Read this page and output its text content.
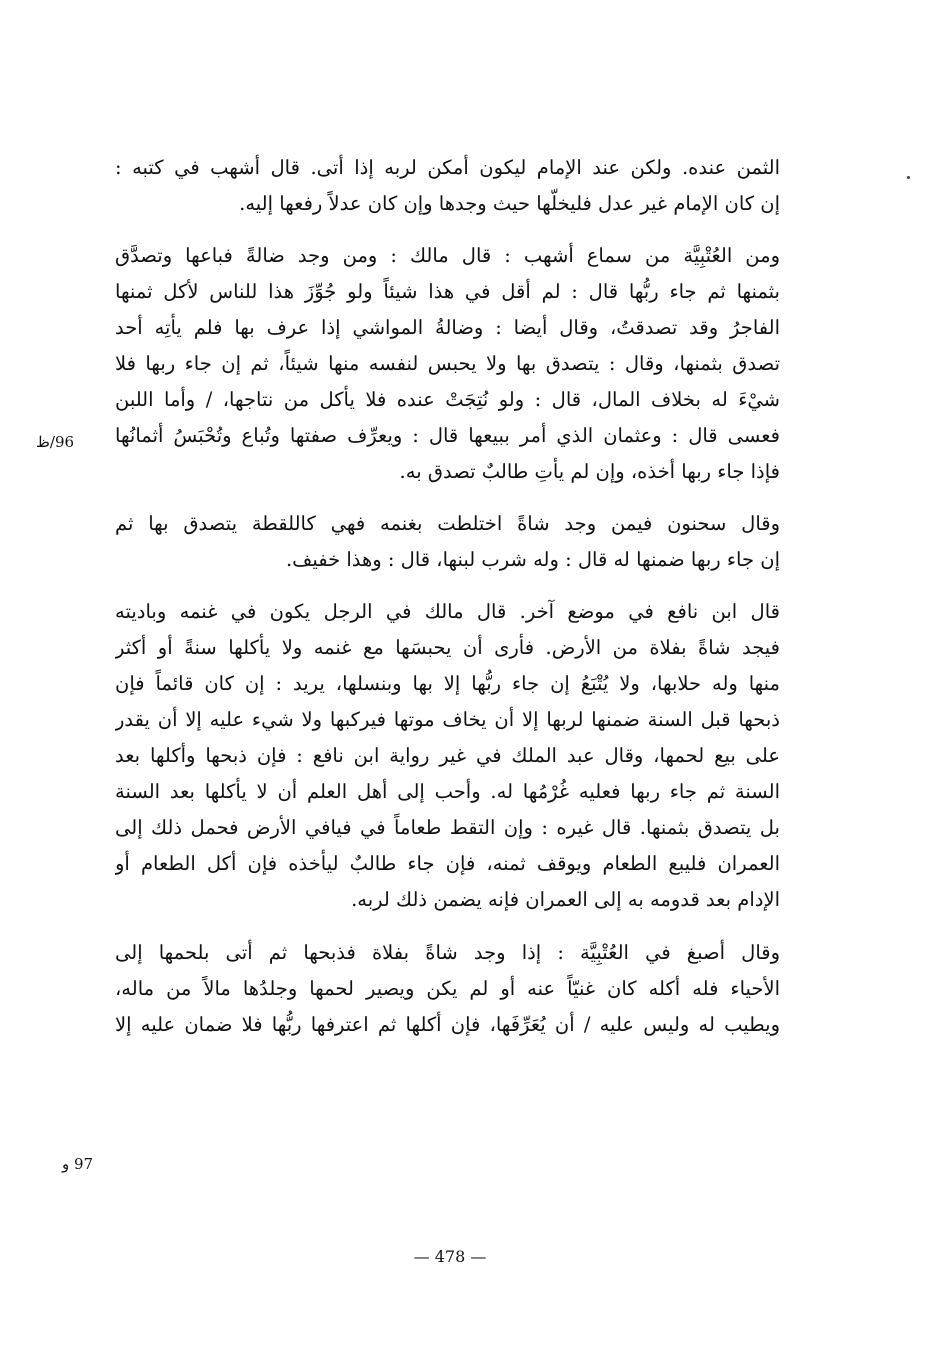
الثمن عنده. ولكن عند الإمام ليكون أمكن لربه إذا أتى. قال أشهب في كتبه :
إن كان الإمام غير عدل فليخلّها حيث وجدها وإن كان عدلاً رفعها إليه.

ومن العُتْبِيَّة من سماع أشهب : قال مالك : ومن وجد ضالةً فباعها وتصدَّق
بثمنها ثم جاء ربُّها قال : لم أقل في هذا شيئاً ولو جُوِّزَ هذا للناس لأكل ثمنها
الفاجرُ وقد تصدقتُ، وقال أيضا : وضالةُ المواشي إذا عرف بها فلم يأتِه أحد
تصدق بثمنها، وقال : يتصدق بها ولا يحبس لنفسه منها شيئاً، ثم إن جاء ربها فلا
شيْءَ له بخلاف المال، قال : ولو نُتِجَتْ عنده فلا يأكل من نتاجها، / وأما اللبن
فعسى قال : وعثمان الذي أمر ببيعها قال : ويعرِّف صفتها وتُباع وتُحْبَسُ أثمانُها
فإذا جاء ربها أخذه، وإن لم يأتِ طالبٌ تصدق به.

وقال سحنون فيمن وجد شاةً اختلطت بغنمه فهي كاللقطة يتصدق بها ثم
إن جاء ربها ضمنها له قال : وله شرب لبنها، قال : وهذا خفيف.

قال ابن نافع في موضع آخر. قال مالك في الرجل يكون في غنمه وباديته
فيجد شاةً بفلاة من الأرض. فأرى أن يحبسَها مع غنمه ولا يأكلها سنةً أو أكثر
منها وله حلابها، ولا يُتْبَعُ إن جاء ربُّها إلا بها وبنسلها، يريد : إن كان قائماً فإن
ذبحها قبل السنة ضمنها لربها إلا أن يخاف موتها فيركبها ولا شيء عليه إلا أن يقدر
على بيع لحمها، وقال عبد الملك في غير رواية ابن نافع : فإن ذبحها وأكلها بعد
السنة ثم جاء ربها فعليه غُرْمُها له. وأحب إلى أهل العلم أن لا يأكلها بعد السنة
بل يتصدق بثمنها. قال غيره : وإن التقط طعاماً في فيافي الأرض فحمل ذلك إلى
العمران فليبع الطعام ويوقف ثمنه، فإن جاء طالبٌ ليأخذه فإن أكل الطعام أو
الإدام بعد قدومه به إلى العمران فإنه يضمن ذلك لربه.

وقال أصبغ في العُتْبِيَّة : إذا وجد شاةً بفلاة فذبحها ثم أتى بلحمها إلى
الأحياء فله أكله كان غنيّاً عنه أو لم يكن ويصير لحمها وجلدُها مالاً من ماله،
ويطيب له وليس عليه / أن يُعَرِّفَها، فإن أكلها ثم اعترفها ربُّها فلا ضمان عليه إلا

96/ظ
97 و
— 478 —
